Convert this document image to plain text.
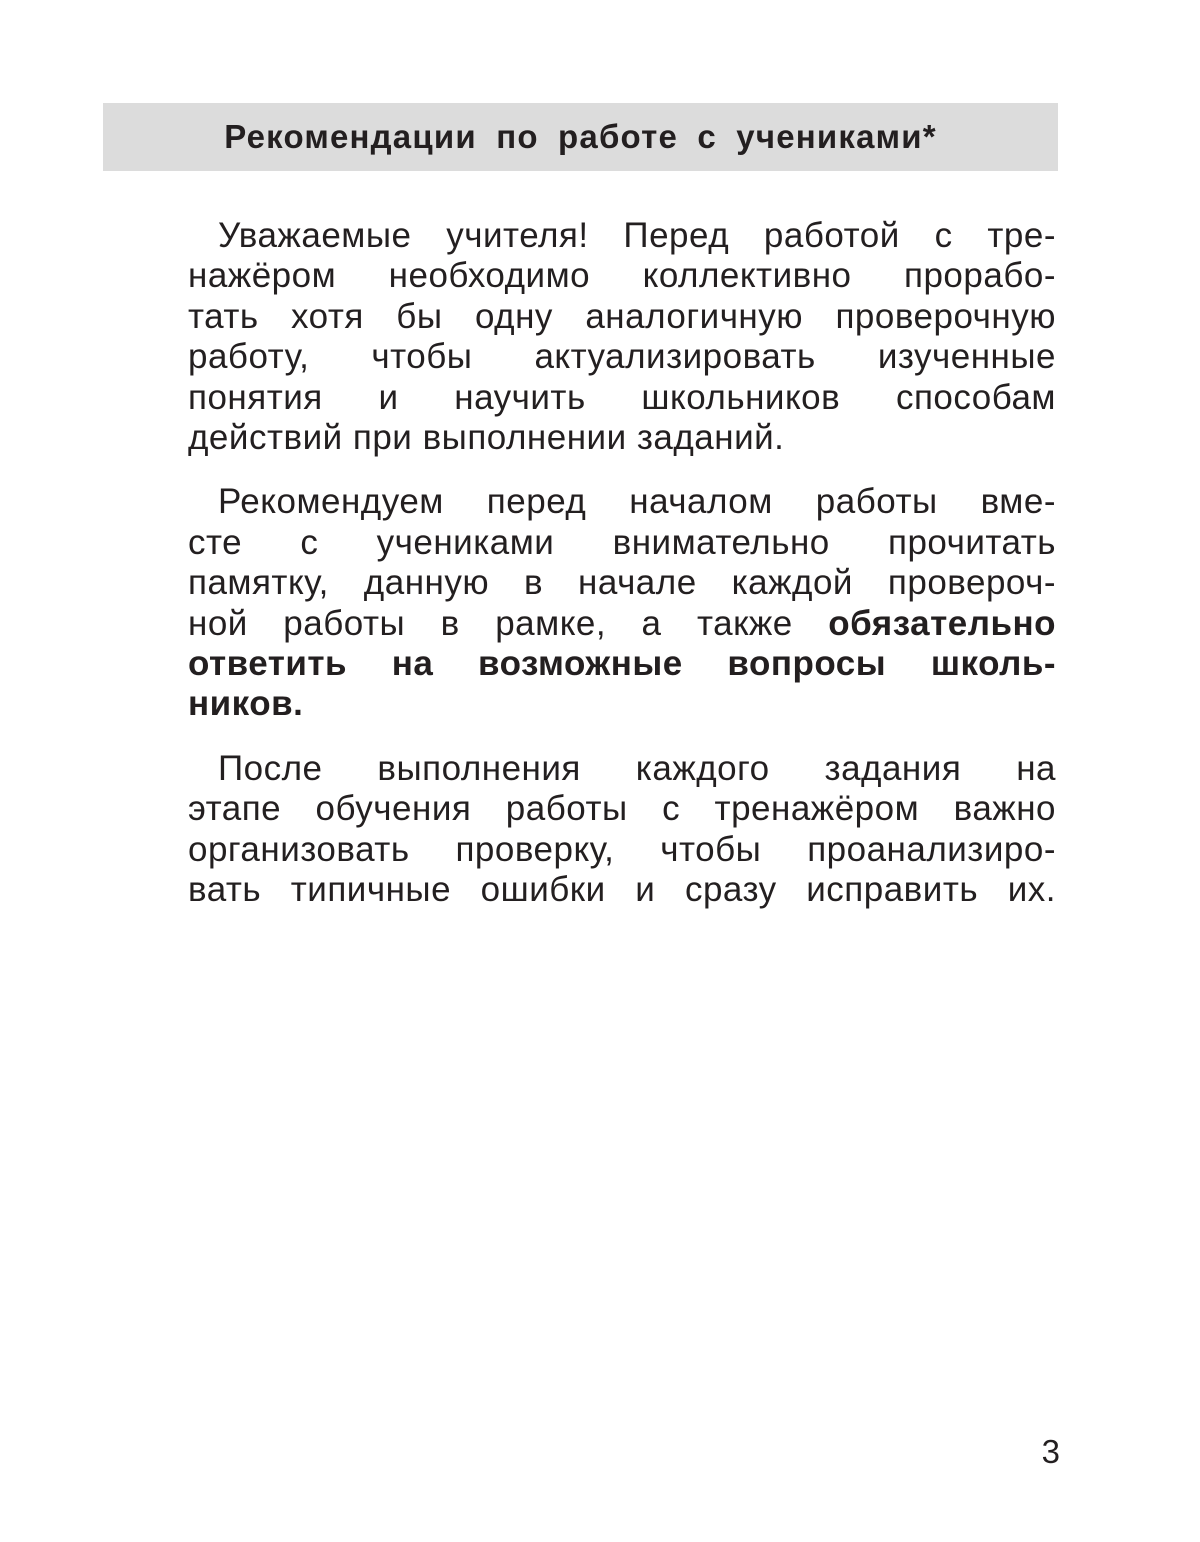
Рекомендации по работе с учениками*
Уважаемые учителя! Перед работой с тре-
нажёром необходимо коллективно прорабо-
тать хотя бы одну аналогичную проверочную
работу, чтобы актуализировать изученные
понятия и научить школьников способам
действий при выполнении заданий.
Рекомендуем перед началом работы вме-
сте с учениками внимательно прочитать
памятку, данную в начале каждой провероч-
ной работы в рамке, а также обязательно
ответить на возможные вопросы школь-
ников.
После выполнения каждого задания на
этапе обучения работы с тренажёром важно
организовать проверку, чтобы проанализиро-
вать типичные ошибки и сразу исправить их.
3
